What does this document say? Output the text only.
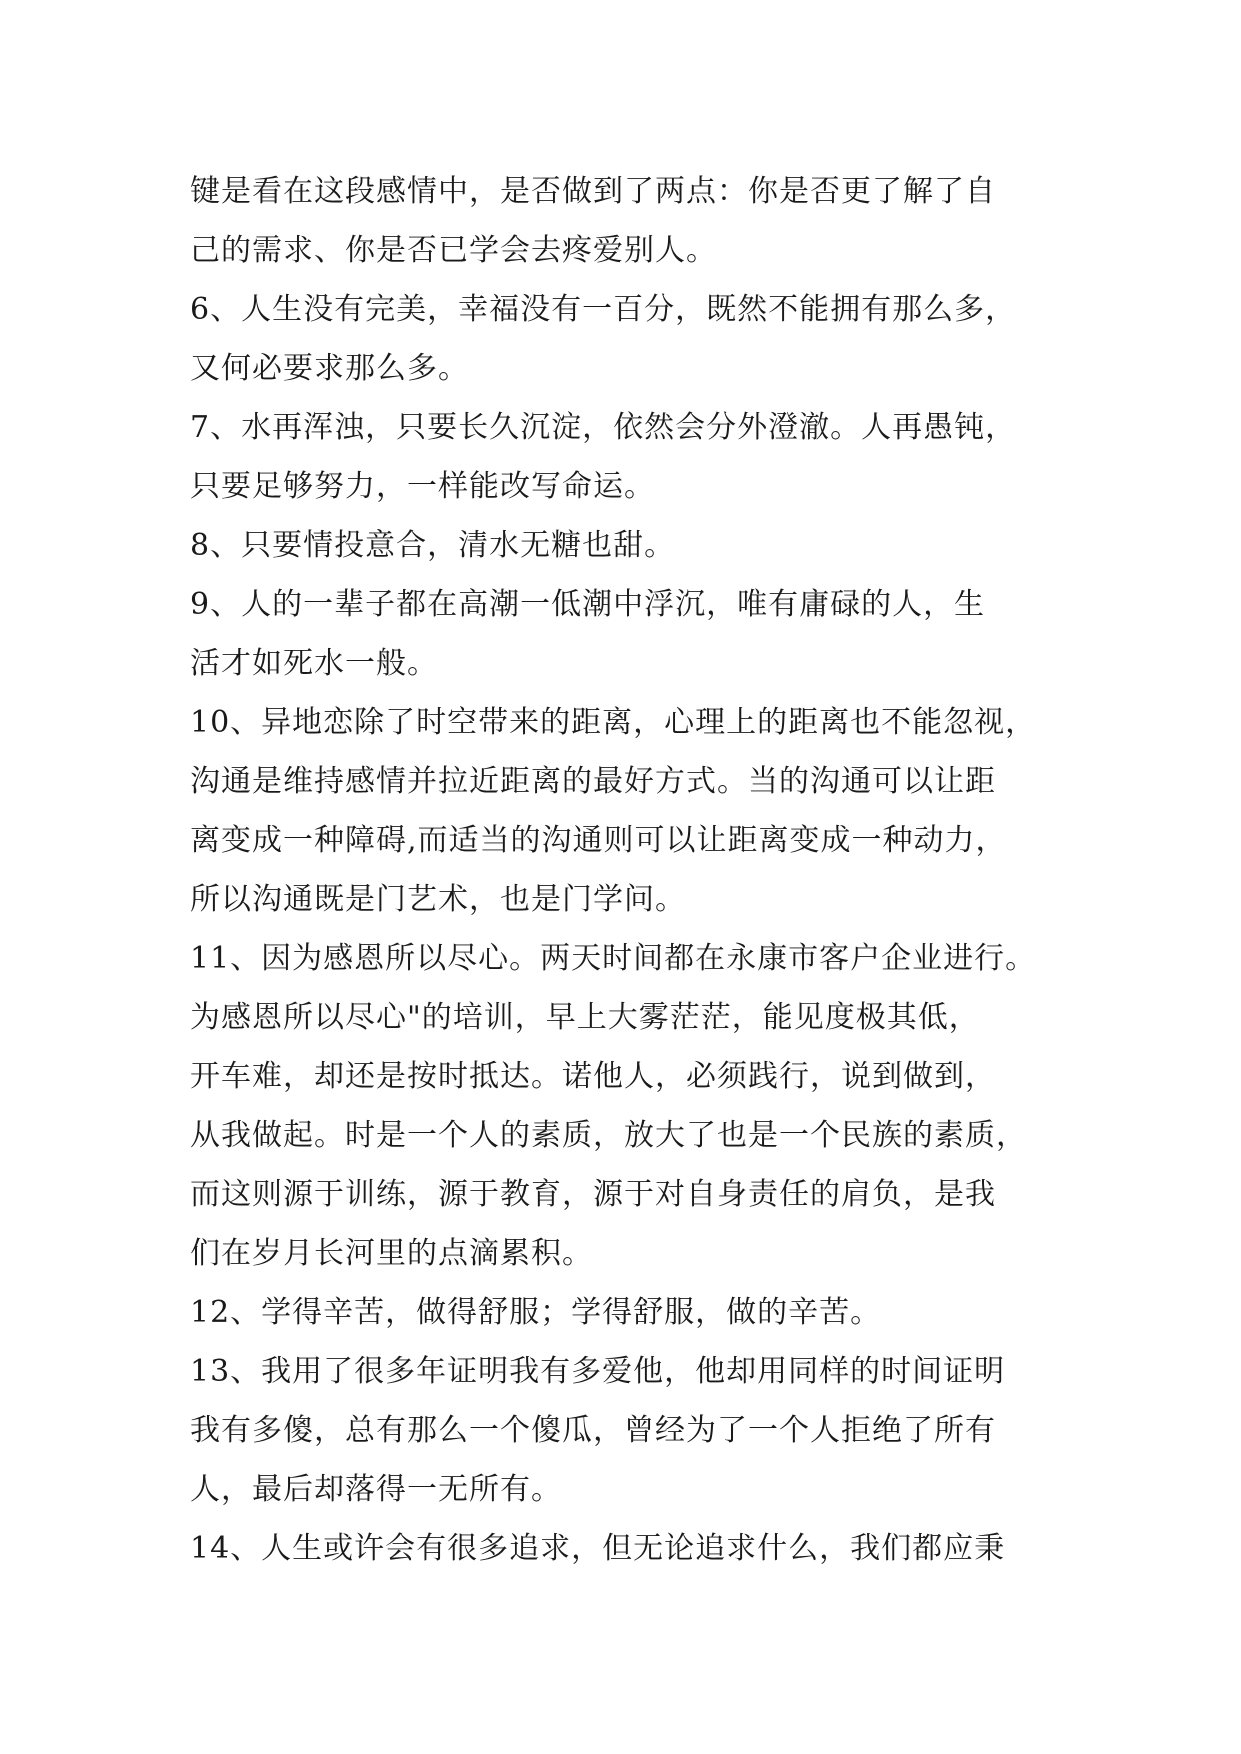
键是看在这段感情中，是否做到了两点：你是否更了解了自
己的需求、你是否已学会去疼爱别人。
6、人生没有完美，幸福没有一百分，既然不能拥有那么多，
又何必要求那么多。
7、水再浑浊，只要长久沉淀，依然会分外澄澈。人再愚钝，
只要足够努力，一样能改写命运。
8、只要情投意合，清水无糖也甜。
9、人的一辈子都在高潮一低潮中浮沉，唯有庸碌的人，生
活才如死水一般。
10、异地恋除了时空带来的距离，心理上的距离也不能忽视，
沟通是维持感情并拉近距离的最好方式。当的沟通可以让距
离变成一种障碍,而适当的沟通则可以让距离变成一种动力，
所以沟通既是门艺术，也是门学问。
11、因为感恩所以尽心。两天时间都在永康市客户企业进行。
为感恩所以尽心"的培训，早上大雾茫茫，能见度极其低，
开车难，却还是按时抵达。诺他人，必须践行，说到做到，
从我做起。时是一个人的素质，放大了也是一个民族的素质，
而这则源于训练，源于教育，源于对自身责任的肩负，是我
们在岁月长河里的点滴累积。
12、学得辛苦，做得舒服；学得舒服，做的辛苦。
13、我用了很多年证明我有多爱他，他却用同样的时间证明
我有多傻，总有那么一个傻瓜，曾经为了一个人拒绝了所有
人，最后却落得一无所有。
14、人生或许会有很多追求，但无论追求什么，我们都应秉
